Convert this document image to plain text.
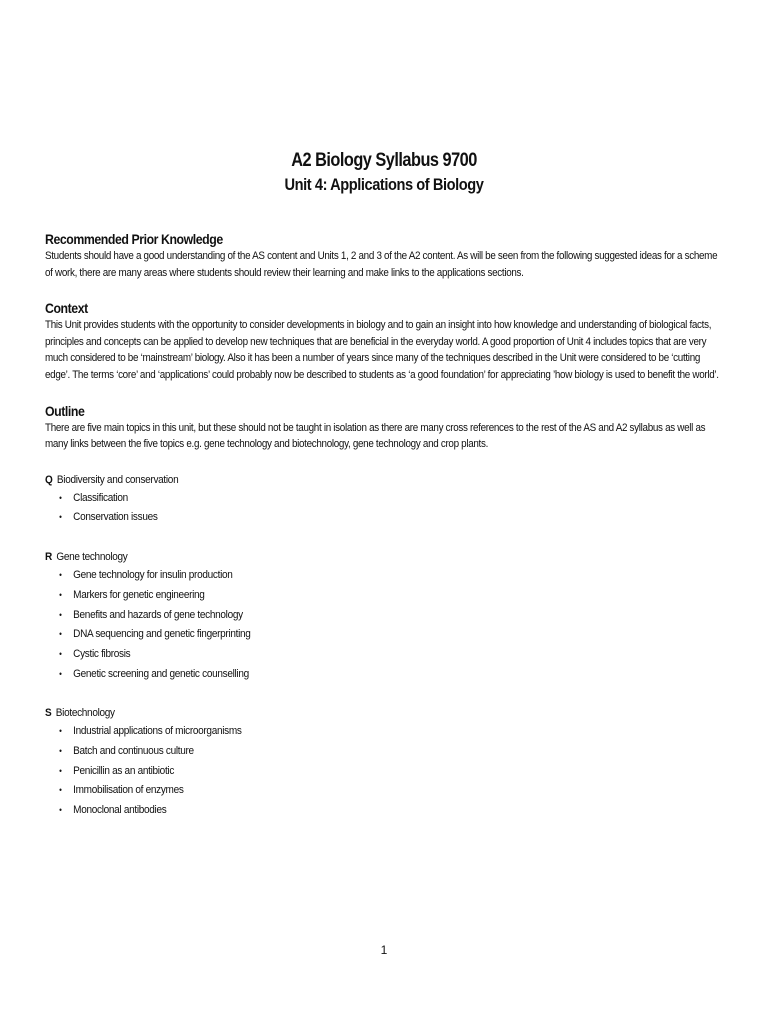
A2 Biology Syllabus 9700
Unit 4: Applications of Biology
Recommended Prior Knowledge
Students should have a good understanding of the AS content and Units 1, 2 and 3 of the A2 content. As will be seen from the following suggested ideas for a scheme of work, there are many areas where students should review their learning and make links to the applications sections.
Context
This Unit provides students with the opportunity to consider developments in biology and to gain an insight into how knowledge and understanding of biological facts, principles and concepts can be applied to develop new techniques that are beneficial in the everyday world. A good proportion of Unit 4 includes topics that are very much considered to be ‘mainstream’ biology. Also it has been a number of years since many of the techniques described in the Unit were considered to be ‘cutting edge’. The terms ‘core’ and ‘applications’ could probably now be described to students as ‘a good foundation’ for appreciating ’how biology is used to benefit the world’.
Outline
There are five main topics in this unit, but these should not be taught in isolation as there are many cross references to the rest of the AS and A2 syllabus as well as many links between the five topics e.g. gene technology and biotechnology, gene technology and crop plants.
Q Biodiversity and conservation
• Classification
• Conservation issues
R Gene technology
• Gene technology for insulin production
• Markers for genetic engineering
• Benefits and hazards of gene technology
• DNA sequencing and genetic fingerprinting
• Cystic fibrosis
• Genetic screening and genetic counselling
S Biotechnology
• Industrial applications of microorganisms
• Batch and continuous culture
• Penicillin as an antibiotic
• Immobilisation of enzymes
• Monoclonal antibodies
1
